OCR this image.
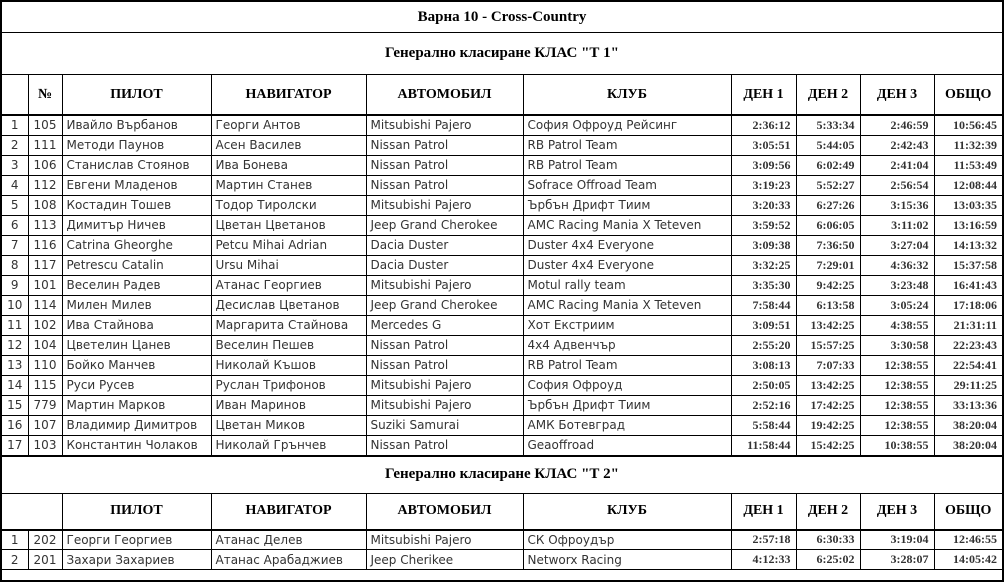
Варна 10 - Cross-Country
Генерално класиране КЛАС "Т 1"
	№	ПИЛОТ	НАВИГАТОР	АВТОМОБИЛ	КЛУБ	ДЕН 1	ДЕН 2	ДЕН 3	ОБЩО
1	105	Ивайло Върбанов	Георги Антов	Mitsubishi Pajero	София Офроуд Рейсинг	2:36:12	5:33:34	2:46:59	10:56:45
2	111	Методи Паунов	Асен Василев	Nissan Patrol	RB Patrol Team	3:05:51	5:44:05	2:42:43	11:32:39
3	106	Станислав Стоянов	Ива Бонева	Nissan Patrol	RB Patrol Team	3:09:56	6:02:49	2:41:04	11:53:49
4	112	Евгени Младенов	Мартин Станев	Nissan Patrol	Sofrace Offroad Team	3:19:23	5:52:27	2:56:54	12:08:44
5	108	Костадин Тошев	Тодор Тиролски	Mitsubishi Pajero	Ърбън Дрифт Тиим	3:20:33	6:27:26	3:15:36	13:03:35
6	113	Димитър Ничев	Цветан Цветанов	Jeep Grand Cherokee	AMC Racing Mania X Teteven	3:59:52	6:06:05	3:11:02	13:16:59
7	116	Catrina Gheorghe	Petcu Mihai Adrian	Dacia Duster	Duster 4x4 Everyone	3:09:38	7:36:50	3:27:04	14:13:32
8	117	Petrescu Catalin	Ursu Mihai	Dacia Duster	Duster 4x4 Everyone	3:32:25	7:29:01	4:36:32	15:37:58
9	101	Веселин Радев	Атанас Георгиев	Mitsubishi Pajero	Motul rally team	3:35:30	9:42:25	3:23:48	16:41:43
10	114	Милен Милев	Десислав Цветанов	Jeep Grand Cherokee	AMC Racing Mania X Teteven	7:58:44	6:13:58	3:05:24	17:18:06
11	102	Ива Стайнова	Маргарита Стайнова	Mercedes G	Хот Екстриим	3:09:51	13:42:25	4:38:55	21:31:11
12	104	Цветелин Цанев	Веселин Пешев	Nissan Patrol	4x4 Адвенчър	2:55:20	15:57:25	3:30:58	22:23:43
13	110	Бойко Манчев	Николай Къшов	Nissan Patrol	RB Patrol Team	3:08:13	7:07:33	12:38:55	22:54:41
14	115	Руси Русев	Руслан Трифонов	Mitsubishi Pajero	София Офроуд	2:50:05	13:42:25	12:38:55	29:11:25
15	779	Мартин Марков	Иван Маринов	Mitsubishi Pajero	Ърбън Дрифт Тиим	2:52:16	17:42:25	12:38:55	33:13:36
16	107	Владимир Димитров	Цветан Миков	Suziki Samurai	АМК Ботевград	5:58:44	19:42:25	12:38:55	38:20:04
17	103	Константин Чолаков	Николай Грънчев	Nissan Patrol	Geaoffroad	11:58:44	15:42:25	10:38:55	38:20:04
Генерално класиране КЛАС "Т 2"
		ПИЛОТ	НАВИГАТОР	АВТОМОБИЛ	КЛУБ	ДЕН 1	ДЕН 2	ДЕН 3	ОБЩО
1	202	Георги Георгиев	Атанас Делев	Mitsubishi Pajero	СК Офроудър	2:57:18	6:30:33	3:19:04	12:46:55
2	201	Захари Захариев	Атанас Арабаджиев	Jeep Cherikee	Networx Racing	4:12:33	6:25:02	3:28:07	14:05:42
